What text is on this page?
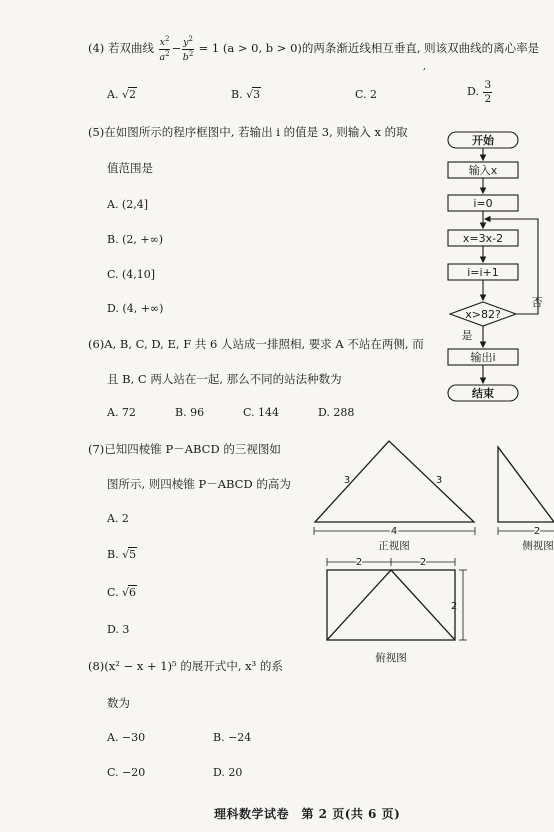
(4) 若双曲线 $\frac{x^2}{a^2} - \frac{y^2}{b^2} = 1$ (a > 0, b > 0)的两条渐近线相互垂直, 则该双曲线的离心率是
,
A. √2	B. √3	C. 2	D. $\frac{3}{2}$
(5)在如图所示的程序框图中, 若输出 i 的值是 3, 则输入 x 的取
值范围是
A. (2,4]
B. (2, +∞)
C. (4,10]
D. (4, +∞)
开始
输入x
i=0
x=3x-2
i=i+1
x>82?
否
是
输出i
结束
(6)A, B, C, D, E, F 共 6 人站成一排照相, 要求 A 不站在两侧, 而
且 B, C 两人站在一起, 那么不同的站法种数为
A. 72	B. 96	C. 144	D. 288
(7)已知四棱锥 P－ABCD 的三视图如
图所示, 则四棱锥 P－ABCD 的高为
A. 2
B. √5
C. √6
D. 3
3	3
4	2
2	2
2
正视图	侧视图
俯视图
(8)(x² − x + 1)⁵ 的展开式中, x³ 的系
数为
A. −30	B. −24
C. −20	D. 20
理科数学试卷　第 2 页(共 6 页)
